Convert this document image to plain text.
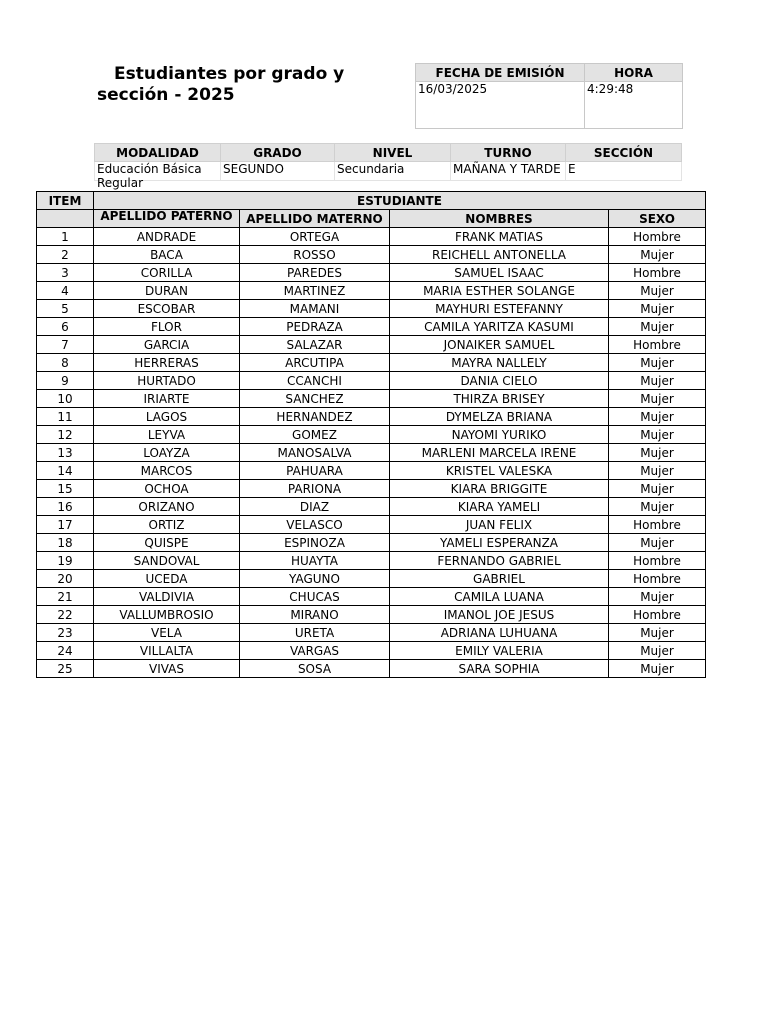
Estudiantes por grado y sección - 2025
FECHA DE EMISIÓN	HORA
16/03/2025	4:29:48
MODALIDAD	GRADO	NIVEL	TURNO	SECCIÓN

Educación Básica Regular	SEGUNDO	Secundaria	MAÑANA Y TARDE	E
ITEM	ESTUDIANTE			

	APELLIDO PATERNO	APELLIDO MATERNO	NOMBRES	SEXO
1	ANDRADE	ORTEGA	FRANK MATIAS	Hombre
2	BACA	ROSSO	REICHELL ANTONELLA	Mujer
3	CORILLA	PAREDES	SAMUEL ISAAC	Hombre
4	DURAN	MARTINEZ	MARIA ESTHER SOLANGE	Mujer
5	ESCOBAR	MAMANI	MAYHURI ESTEFANNY	Mujer
6	FLOR	PEDRAZA	CAMILA YARITZA KASUMI	Mujer
7	GARCIA	SALAZAR	JONAIKER SAMUEL	Hombre
8	HERRERAS	ARCUTIPA	MAYRA NALLELY	Mujer
9	HURTADO	CCANCHI	DANIA CIELO	Mujer
10	IRIARTE	SANCHEZ	THIRZA BRISEY	Mujer
11	LAGOS	HERNANDEZ	DYMELZA BRIANA	Mujer
12	LEYVA	GOMEZ	NAYOMI YURIKO	Mujer
13	LOAYZA	MANOSALVA	MARLENI MARCELA IRENE	Mujer
14	MARCOS	PAHUARA	KRISTEL VALESKA	Mujer
15	OCHOA	PARIONA	KIARA BRIGGITE	Mujer
16	ORIZANO	DIAZ	KIARA YAMELI	Mujer
17	ORTIZ	VELASCO	JUAN FELIX	Hombre
18	QUISPE	ESPINOZA	YAMELI ESPERANZA	Mujer
19	SANDOVAL	HUAYTA	FERNANDO GABRIEL	Hombre
20	UCEDA	YAGUNO	GABRIEL	Hombre
21	VALDIVIA	CHUCAS	CAMILA LUANA	Mujer
22	VALLUMBROSIO	MIRANO	IMANOL JOE JESUS	Hombre
23	VELA	URETA	ADRIANA LUHUANA	Mujer
24	VILLALTA	VARGAS	EMILY VALERIA	Mujer
25	VIVAS	SOSA	SARA SOPHIA	Mujer
